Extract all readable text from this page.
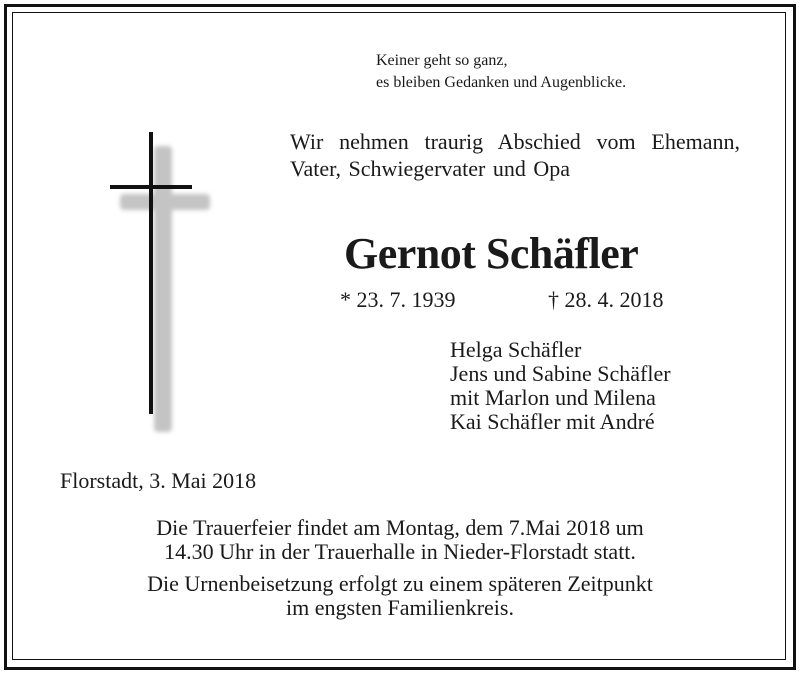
Keiner geht so ganz,
es bleiben Gedanken und Augenblicke.
Wir nehmen traurig Abschied vom Ehemann, Vater, Schwiegervater und Opa
Gernot Schäfler
* 23. 7. 1939	† 28. 4. 2018
Helga Schäfler
Jens und Sabine Schäfler
mit Marlon und Milena
Kai Schäfler mit André
Florstadt, 3. Mai 2018
Die Trauerfeier findet am Montag, dem 7.Mai 2018 um
14.30 Uhr in der Trauerhalle in Nieder-Florstadt statt.
Die Urnenbeisetzung erfolgt zu einem späteren Zeitpunkt
im engsten Familienkreis.
